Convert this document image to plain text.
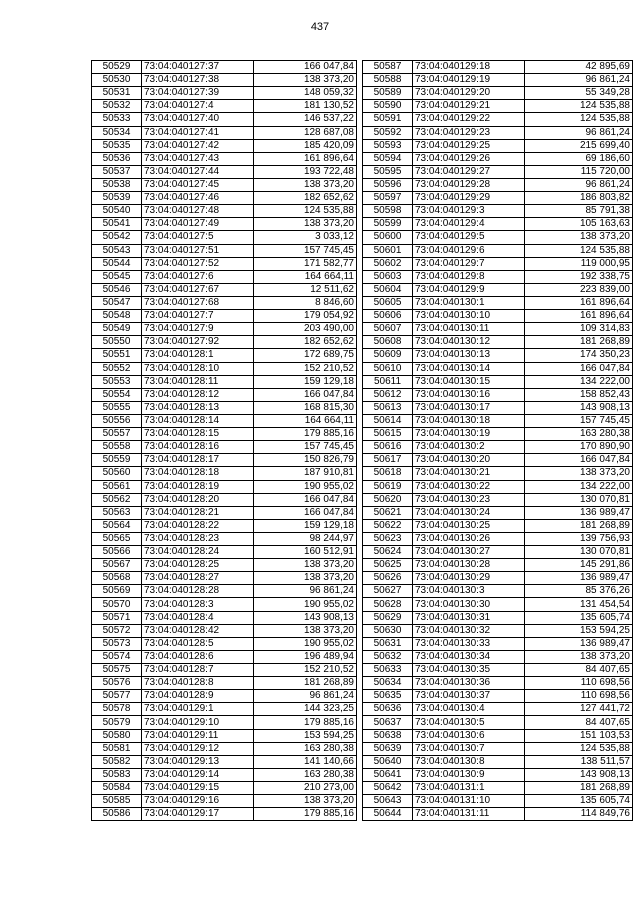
437
50529	73:04:040127:37	166 047,84
50530	73:04:040127:38	138 373,20
50531	73:04:040127:39	148 059,32
50532	73:04:040127:4	181 130,52
50533	73:04:040127:40	146 537,22
50534	73:04:040127:41	128 687,08
50535	73:04:040127:42	185 420,09
50536	73:04:040127:43	161 896,64
50537	73:04:040127:44	193 722,48
50538	73:04:040127:45	138 373,20
50539	73:04:040127:46	182 652,62
50540	73:04:040127:48	124 535,88
50541	73:04:040127:49	138 373,20
50542	73:04:040127:5	3 033,12
50543	73:04:040127:51	157 745,45
50544	73:04:040127:52	171 582,77
50545	73:04:040127:6	164 664,11
50546	73:04:040127:67	12 511,62
50547	73:04:040127:68	8 846,60
50548	73:04:040127:7	179 054,92
50549	73:04:040127:9	203 490,00
50550	73:04:040127:92	182 652,62
50551	73:04:040128:1	172 689,75
50552	73:04:040128:10	152 210,52
50553	73:04:040128:11	159 129,18
50554	73:04:040128:12	166 047,84
50555	73:04:040128:13	168 815,30
50556	73:04:040128:14	164 664,11
50557	73:04:040128:15	179 885,16
50558	73:04:040128:16	157 745,45
50559	73:04:040128:17	150 826,79
50560	73:04:040128:18	187 910,81
50561	73:04:040128:19	190 955,02
50562	73:04:040128:20	166 047,84
50563	73:04:040128:21	166 047,84
50564	73:04:040128:22	159 129,18
50565	73:04:040128:23	98 244,97
50566	73:04:040128:24	160 512,91
50567	73:04:040128:25	138 373,20
50568	73:04:040128:27	138 373,20
50569	73:04:040128:28	96 861,24
50570	73:04:040128:3	190 955,02
50571	73:04:040128:4	143 908,13
50572	73:04:040128:42	138 373,20
50573	73:04:040128:5	190 955,02
50574	73:04:040128:6	196 489,94
50575	73:04:040128:7	152 210,52
50576	73:04:040128:8	181 268,89
50577	73:04:040128:9	96 861,24
50578	73:04:040129:1	144 323,25
50579	73:04:040129:10	179 885,16
50580	73:04:040129:11	153 594,25
50581	73:04:040129:12	163 280,38
50582	73:04:040129:13	141 140,66
50583	73:04:040129:14	163 280,38
50584	73:04:040129:15	210 273,00
50585	73:04:040129:16	138 373,20
50586	73:04:040129:17	179 885,16
50587	73:04:040129:18	42 895,69
50588	73:04:040129:19	96 861,24
50589	73:04:040129:20	55 349,28
50590	73:04:040129:21	124 535,88
50591	73:04:040129:22	124 535,88
50592	73:04:040129:23	96 861,24
50593	73:04:040129:25	215 699,40
50594	73:04:040129:26	69 186,60
50595	73:04:040129:27	115 720,00
50596	73:04:040129:28	96 861,24
50597	73:04:040129:29	186 803,82
50598	73:04:040129:3	85 791,38
50599	73:04:040129:4	105 163,63
50600	73:04:040129:5	138 373,20
50601	73:04:040129:6	124 535,88
50602	73:04:040129:7	119 000,95
50603	73:04:040129:8	192 338,75
50604	73:04:040129:9	223 839,00
50605	73:04:040130:1	161 896,64
50606	73:04:040130:10	161 896,64
50607	73:04:040130:11	109 314,83
50608	73:04:040130:12	181 268,89
50609	73:04:040130:13	174 350,23
50610	73:04:040130:14	166 047,84
50611	73:04:040130:15	134 222,00
50612	73:04:040130:16	158 852,43
50613	73:04:040130:17	143 908,13
50614	73:04:040130:18	157 745,45
50615	73:04:040130:19	163 280,38
50616	73:04:040130:2	170 890,90
50617	73:04:040130:20	166 047,84
50618	73:04:040130:21	138 373,20
50619	73:04:040130:22	134 222,00
50620	73:04:040130:23	130 070,81
50621	73:04:040130:24	136 989,47
50622	73:04:040130:25	181 268,89
50623	73:04:040130:26	139 756,93
50624	73:04:040130:27	130 070,81
50625	73:04:040130:28	145 291,86
50626	73:04:040130:29	136 989,47
50627	73:04:040130:3	85 376,26
50628	73:04:040130:30	131 454,54
50629	73:04:040130:31	135 605,74
50630	73:04:040130:32	153 594,25
50631	73:04:040130:33	136 989,47
50632	73:04:040130:34	138 373,20
50633	73:04:040130:35	84 407,65
50634	73:04:040130:36	110 698,56
50635	73:04:040130:37	110 698,56
50636	73:04:040130:4	127 441,72
50637	73:04:040130:5	84 407,65
50638	73:04:040130:6	151 103,53
50639	73:04:040130:7	124 535,88
50640	73:04:040130:8	138 511,57
50641	73:04:040130:9	143 908,13
50642	73:04:040131:1	181 268,89
50643	73:04:040131:10	135 605,74
50644	73:04:040131:11	114 849,76
